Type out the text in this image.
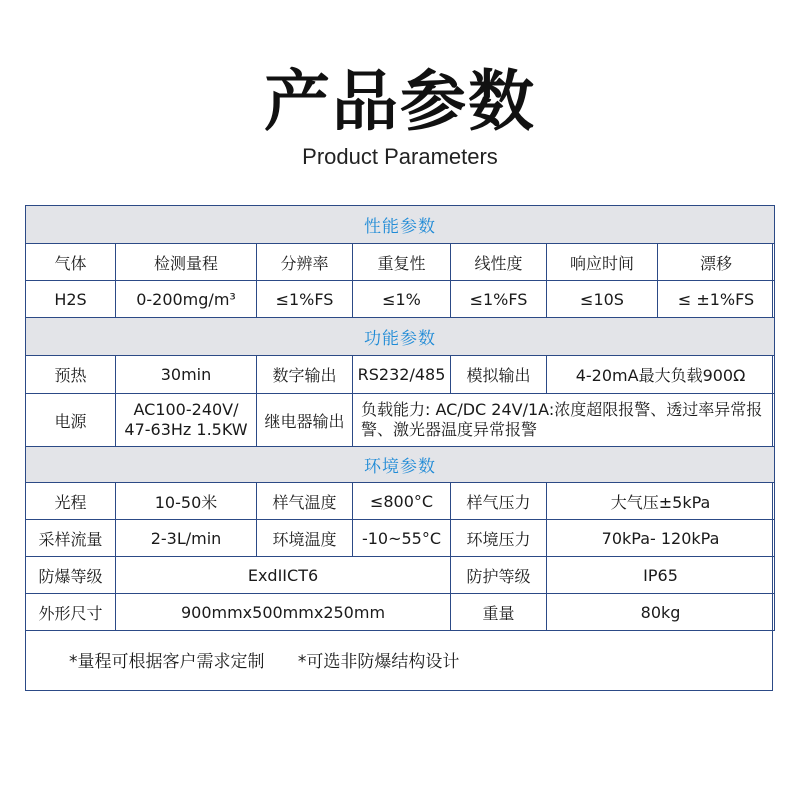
产品参数
Product Parameters
性能参数						
气体	检测量程	分辨率	重复性	线性度	响应时间	漂移
H2S	0-200mg/m³	≤1%FS	≤1%	≤1%FS	≤10S	≤ ±1%FS
功能参数						
预热	30min	数字输出	RS232/485	模拟输出	4-20mA最大负载900Ω	
电源	AC100-240V/ 47-63Hz 1.5KW	继电器输出	负载能力: AC/DC 24V/1A:浓度超限报警、透过率异常报警、激光器温度异常报警			
环境参数						
光程	10-50米	样气温度	≤800°C	样气压力	大气压±5kPa	
采样流量	2-3L/min	环境温度	-10~55°C	环境压力	70kPa- 120kPa	
防爆等级	ExdIICT6			防护等级	IP65	
外形尺寸	900mmx500mmx250mm			重量	80kg	
*量程可根据客户需求定制 *可选非防爆结构设计
